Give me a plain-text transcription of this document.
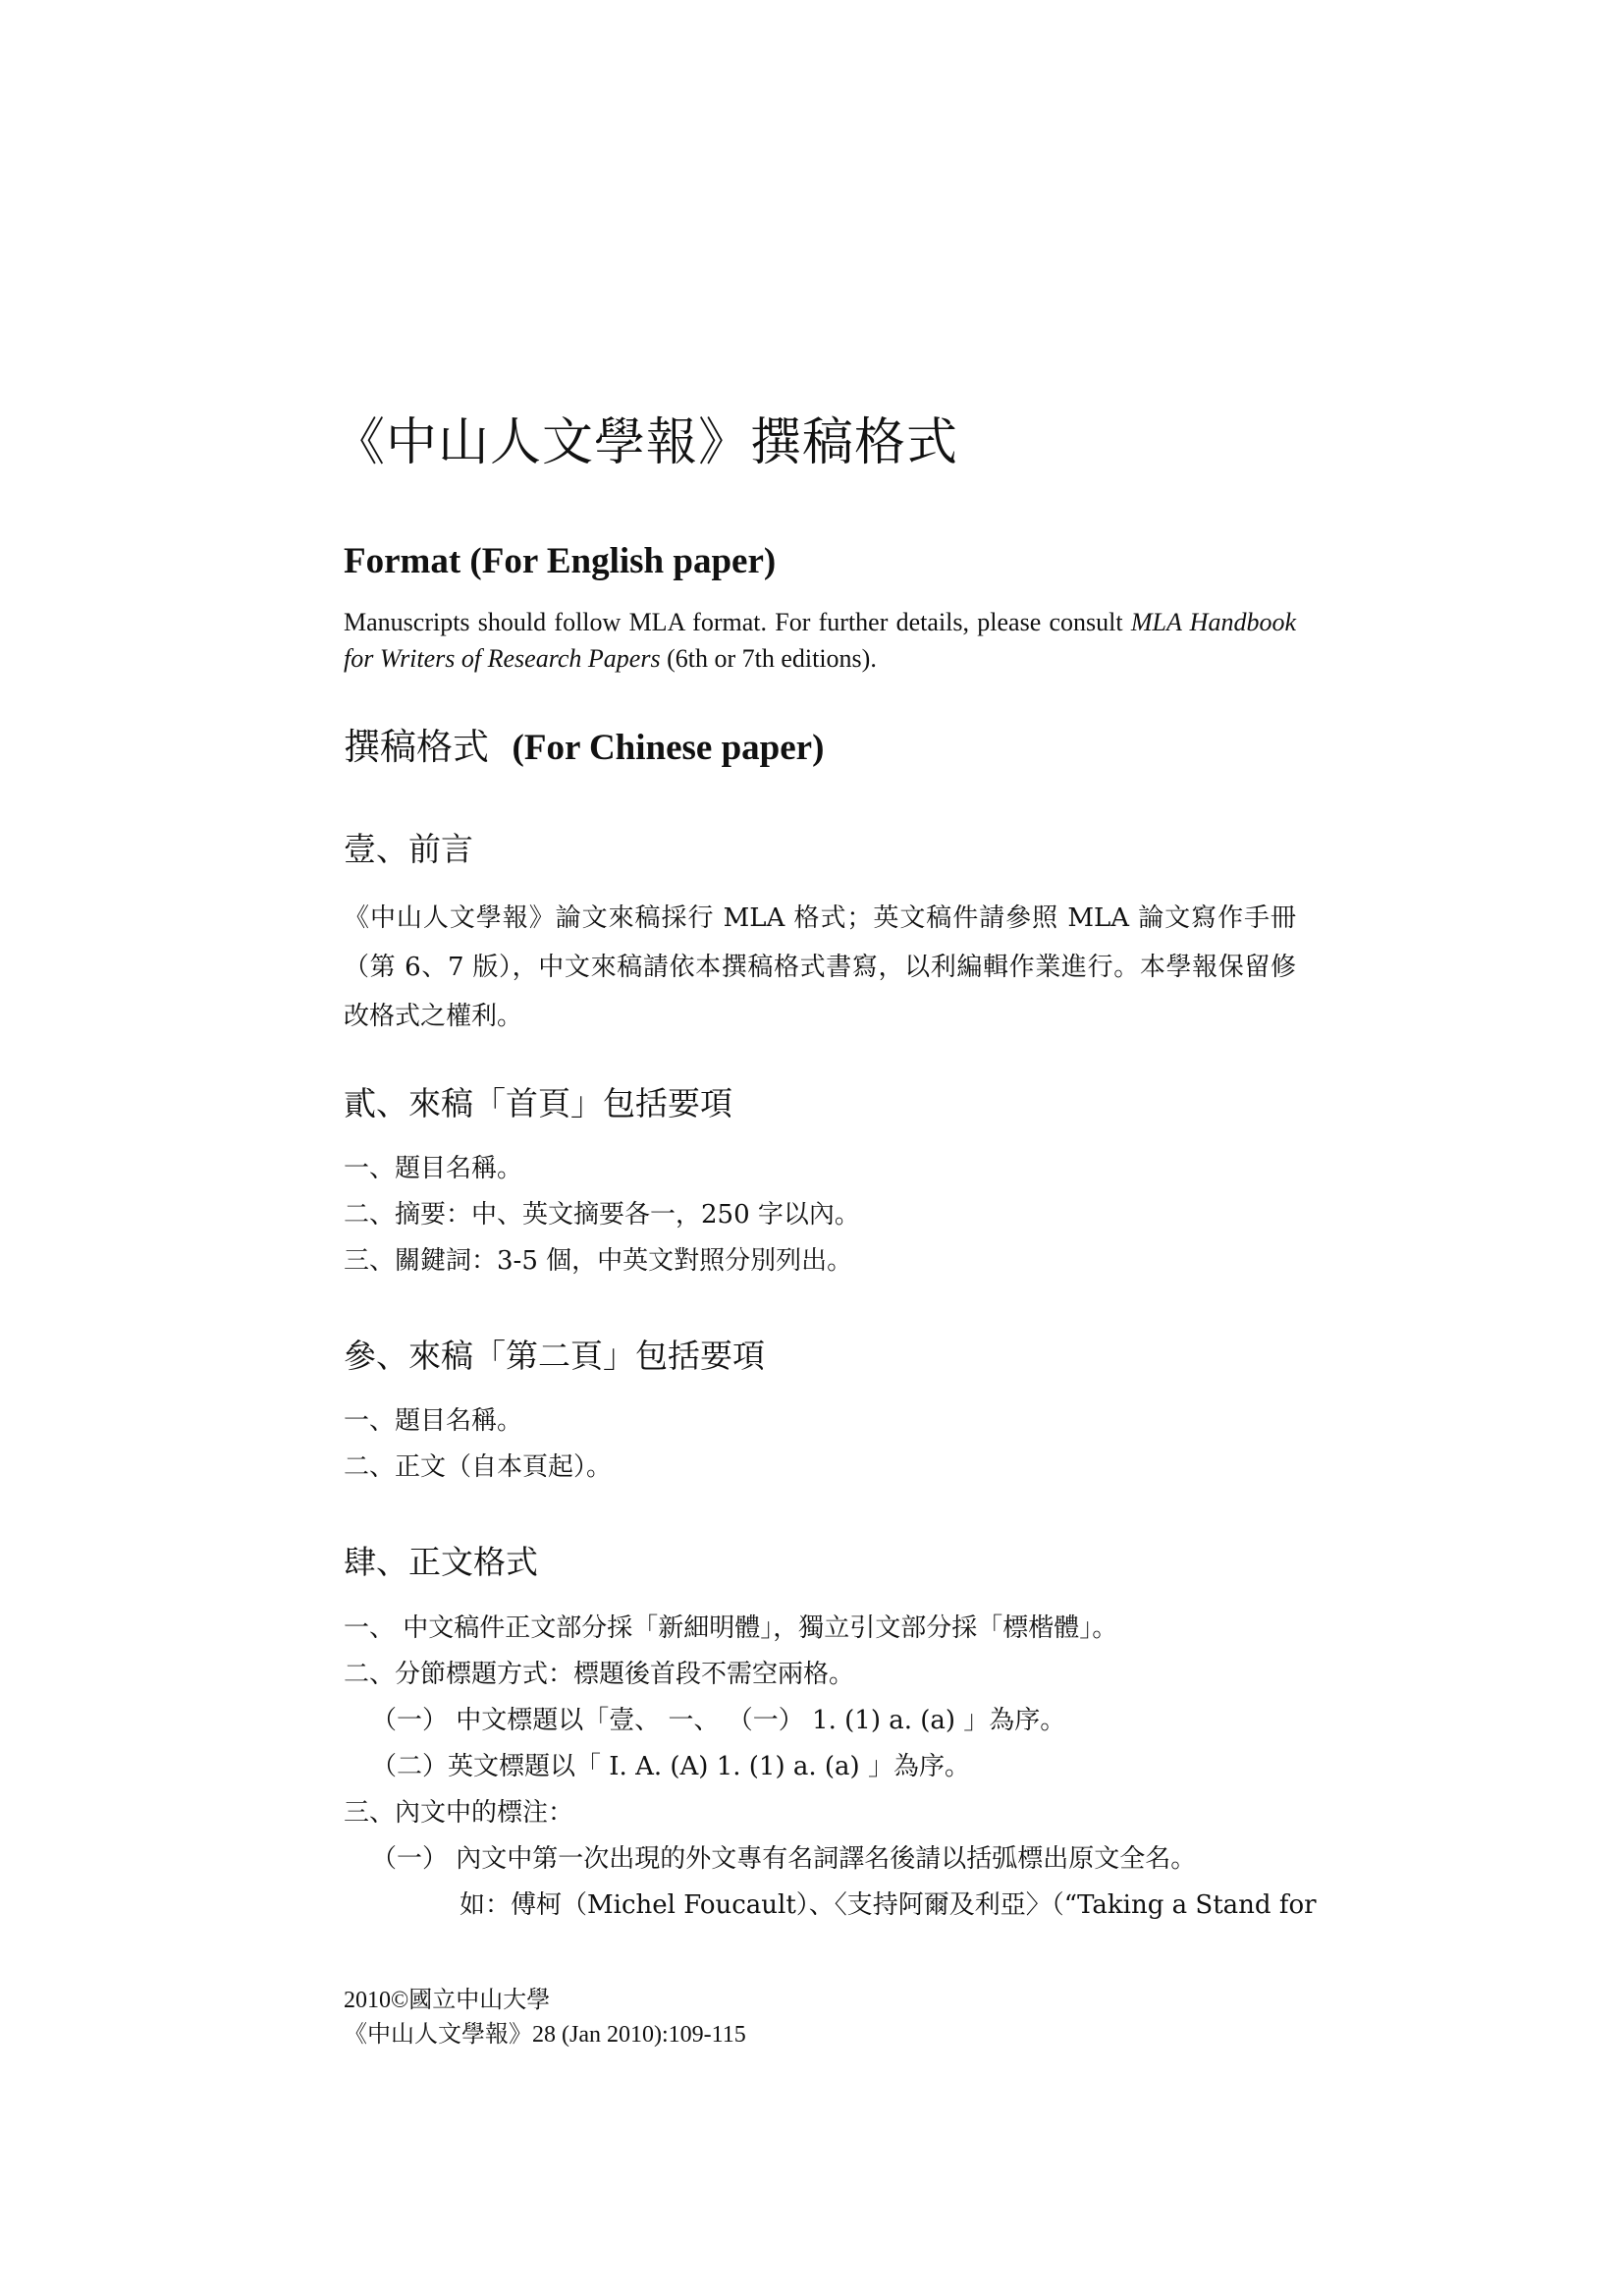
《中山人文學報》撰稿格式
Format (For English paper)
Manuscripts should follow MLA format. For further details, please consult MLA Handbook for Writers of Research Papers (6th or 7th editions).
撰稿格式 (For Chinese paper)
壹、前言
《中山人文學報》論文來稿採行 MLA 格式；英文稿件請參照 MLA 論文寫作手冊（第 6、7 版），中文來稿請依本撰稿格式書寫，以利編輯作業進行。本學報保留修改格式之權利。
貳、來稿「首頁」包括要項
一、題目名稱。
二、摘要：中、英文摘要各一，250 字以內。
三、關鍵詞：3-5 個，中英文對照分別列出。
參、來稿「第二頁」包括要項
一、題目名稱。
二、正文（自本頁起）。
肆、正文格式
一、 中文稿件正文部分採「新細明體」，獨立引文部分採「標楷體」。
二、分節標題方式：標題後首段不需空兩格。
（一） 中文標題以「壹、 一、 （一） 1. (1) a. (a) 」為序。
（二）英文標題以「 I. A. (A) 1. (1) a. (a) 」為序。
三、內文中的標注：
（一） 內文中第一次出現的外文專有名詞譯名後請以括弧標出原文全名。
如：傅柯（Michel Foucault）、〈支持阿爾及利亞〉（“Taking a Stand for
2010©國立中山大學
《中山人文學報》28 (Jan 2010):109-115
